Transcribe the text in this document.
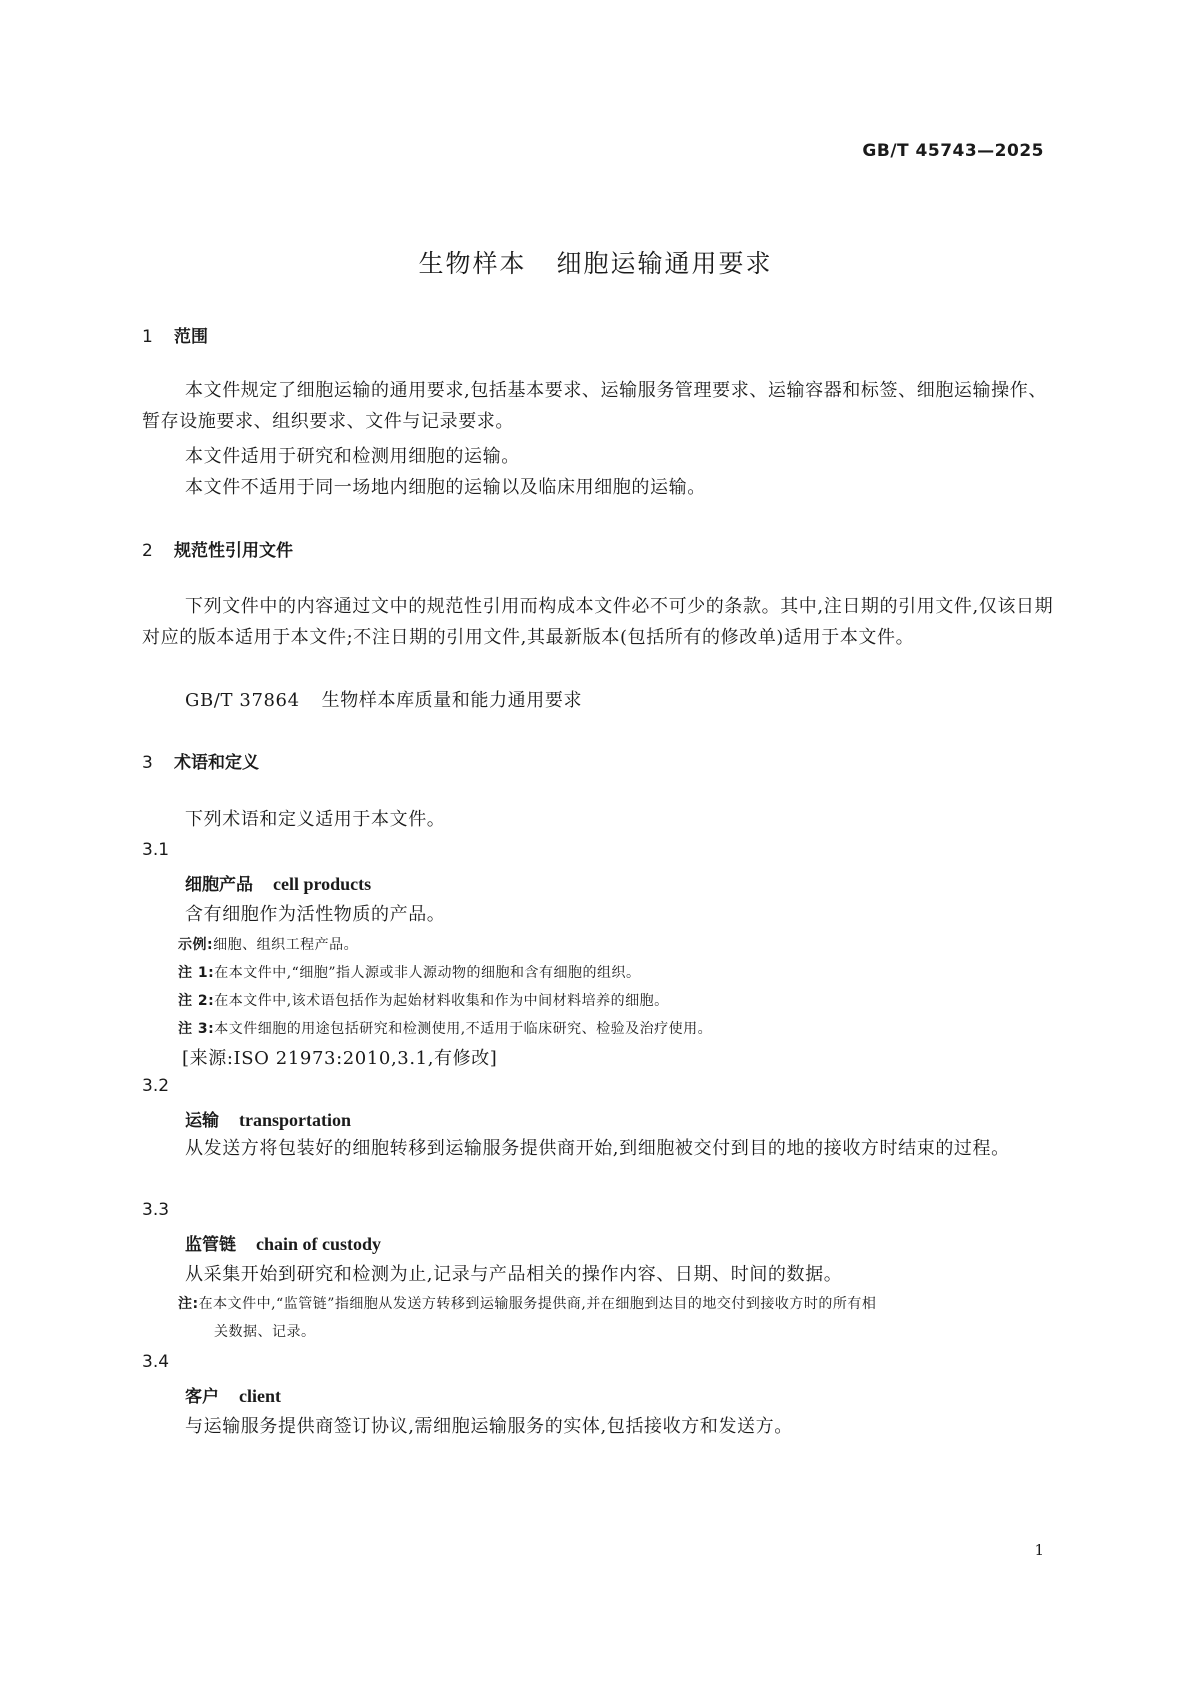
GB/T 45743—2025
生物样本 细胞运输通用要求
1 范围
本文件规定了细胞运输的通用要求,包括基本要求、运输服务管理要求、运输容器和标签、细胞运输操作、暂存设施要求、组织要求、文件与记录要求。
本文件适用于研究和检测用细胞的运输。
本文件不适用于同一场地内细胞的运输以及临床用细胞的运输。
2 规范性引用文件
下列文件中的内容通过文中的规范性引用而构成本文件必不可少的条款。其中,注日期的引用文件,仅该日期对应的版本适用于本文件;不注日期的引用文件,其最新版本(包括所有的修改单)适用于本文件。
GB/T 37864 生物样本库质量和能力通用要求
3 术语和定义
下列术语和定义适用于本文件。
3.1
细胞产品 cell products
含有细胞作为活性物质的产品。
示例:细胞、组织工程产品。
注 1:在本文件中,“细胞”指人源或非人源动物的细胞和含有细胞的组织。
注 2:在本文件中,该术语包括作为起始材料收集和作为中间材料培养的细胞。
注 3:本文件细胞的用途包括研究和检测使用,不适用于临床研究、检验及治疗使用。
[来源:ISO 21973:2010,3.1,有修改]
3.2
运输 transportation
从发送方将包装好的细胞转移到运输服务提供商开始,到细胞被交付到目的地的接收方时结束的过程。
3.3
监管链 chain of custody
从采集开始到研究和检测为止,记录与产品相关的操作内容、日期、时间的数据。
注:在本文件中,“监管链”指细胞从发送方转移到运输服务提供商,并在细胞到达目的地交付到接收方时的所有相
关数据、记录。
3.4
客户 client
与运输服务提供商签订协议,需细胞运输服务的实体,包括接收方和发送方。
1
